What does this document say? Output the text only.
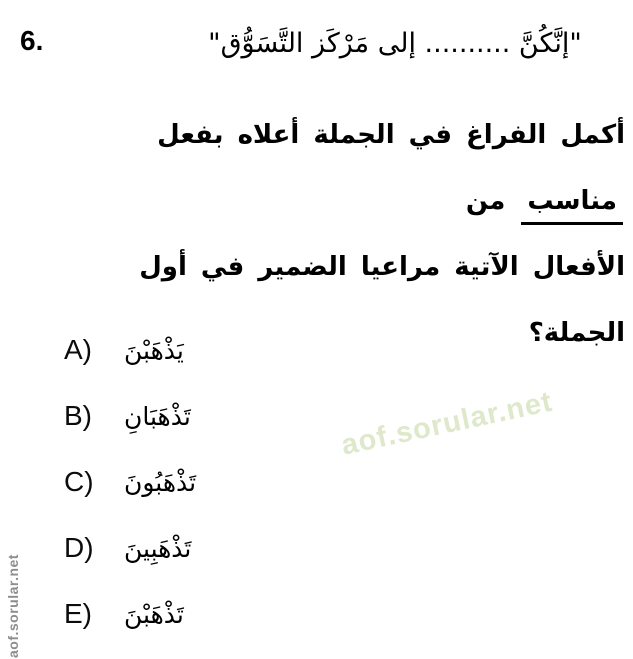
6.	"إنَّكُنَّ .......... إلى مَرْكَز التَّسَوُّق"
أكمل الفراغ في الجملة أعلاه بفعل مناسب من
الأفعال الآتية مراعيا الضمير في أول الجملة؟
A)	يَذْهَبْنَ
B)	تَذْهَبَانِ
C)	تَذْهَبُونَ
D)	تَذْهَبِينَ
E)	تَذْهَبْنَ
aof.sorular.net
aof.sorular.net
